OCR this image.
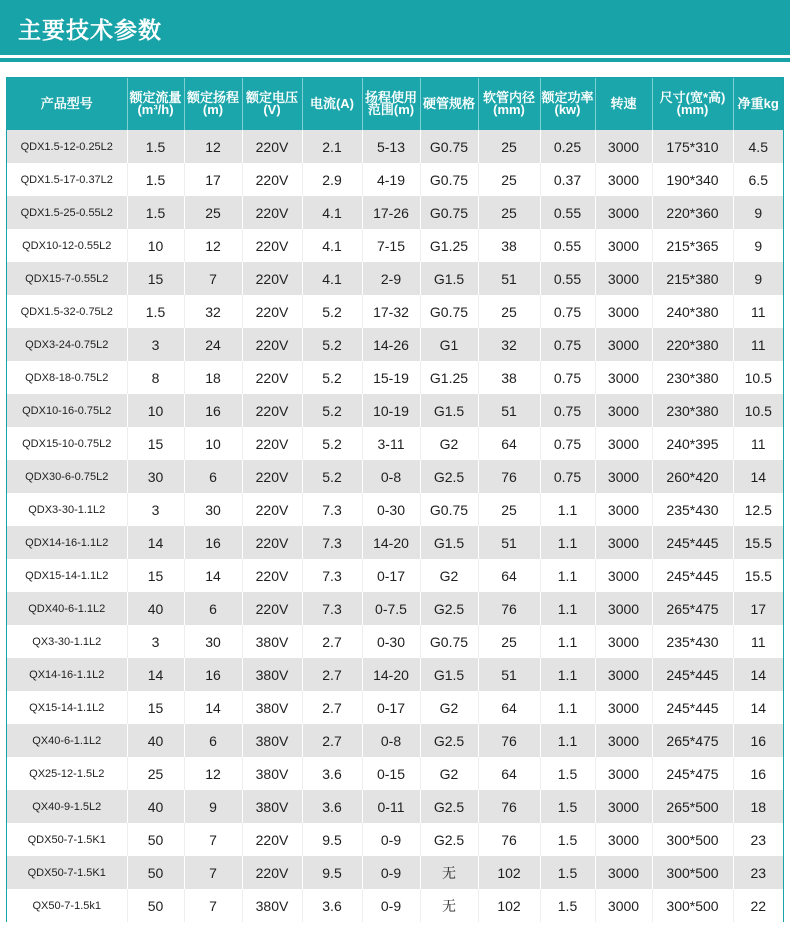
主要技术参数
产品型号	额定流量(m³/h)	额定扬程(m)	额定电压(V)	电流(A)	扬程使用范围(m)	硬管规格	软管内径(mm)	额定功率(kw)	转速	尺寸(宽*高)(mm)	净重kg
QDX1.5-12-0.25L2	1.5	12	220V	2.1	5-13	G0.75	25	0.25	3000	175*310	4.5
QDX1.5-17-0.37L2	1.5	17	220V	2.9	4-19	G0.75	25	0.37	3000	190*340	6.5
QDX1.5-25-0.55L2	1.5	25	220V	4.1	17-26	G0.75	25	0.55	3000	220*360	9
QDX10-12-0.55L2	10	12	220V	4.1	7-15	G1.25	38	0.55	3000	215*365	9
QDX15-7-0.55L2	15	7	220V	4.1	2-9	G1.5	51	0.55	3000	215*380	9
QDX1.5-32-0.75L2	1.5	32	220V	5.2	17-32	G0.75	25	0.75	3000	240*380	11
QDX3-24-0.75L2	3	24	220V	5.2	14-26	G1	32	0.75	3000	220*380	11
QDX8-18-0.75L2	8	18	220V	5.2	15-19	G1.25	38	0.75	3000	230*380	10.5
QDX10-16-0.75L2	10	16	220V	5.2	10-19	G1.5	51	0.75	3000	230*380	10.5
QDX15-10-0.75L2	15	10	220V	5.2	3-11	G2	64	0.75	3000	240*395	11
QDX30-6-0.75L2	30	6	220V	5.2	0-8	G2.5	76	0.75	3000	260*420	14
QDX3-30-1.1L2	3	30	220V	7.3	0-30	G0.75	25	1.1	3000	235*430	12.5
QDX14-16-1.1L2	14	16	220V	7.3	14-20	G1.5	51	1.1	3000	245*445	15.5
QDX15-14-1.1L2	15	14	220V	7.3	0-17	G2	64	1.1	3000	245*445	15.5
QDX40-6-1.1L2	40	6	220V	7.3	0-7.5	G2.5	76	1.1	3000	265*475	17
QX3-30-1.1L2	3	30	380V	2.7	0-30	G0.75	25	1.1	3000	235*430	11
QX14-16-1.1L2	14	16	380V	2.7	14-20	G1.5	51	1.1	3000	245*445	14
QX15-14-1.1L2	15	14	380V	2.7	0-17	G2	64	1.1	3000	245*445	14
QX40-6-1.1L2	40	6	380V	2.7	0-8	G2.5	76	1.1	3000	265*475	16
QX25-12-1.5L2	25	12	380V	3.6	0-15	G2	64	1.5	3000	245*475	16
QX40-9-1.5L2	40	9	380V	3.6	0-11	G2.5	76	1.5	3000	265*500	18
QDX50-7-1.5K1	50	7	220V	9.5	0-9	G2.5	76	1.5	3000	300*500	23
QDX50-7-1.5K1	50	7	220V	9.5	0-9	无	102	1.5	3000	300*500	23
QX50-7-1.5k1	50	7	380V	3.6	0-9	无	102	1.5	3000	300*500	22
